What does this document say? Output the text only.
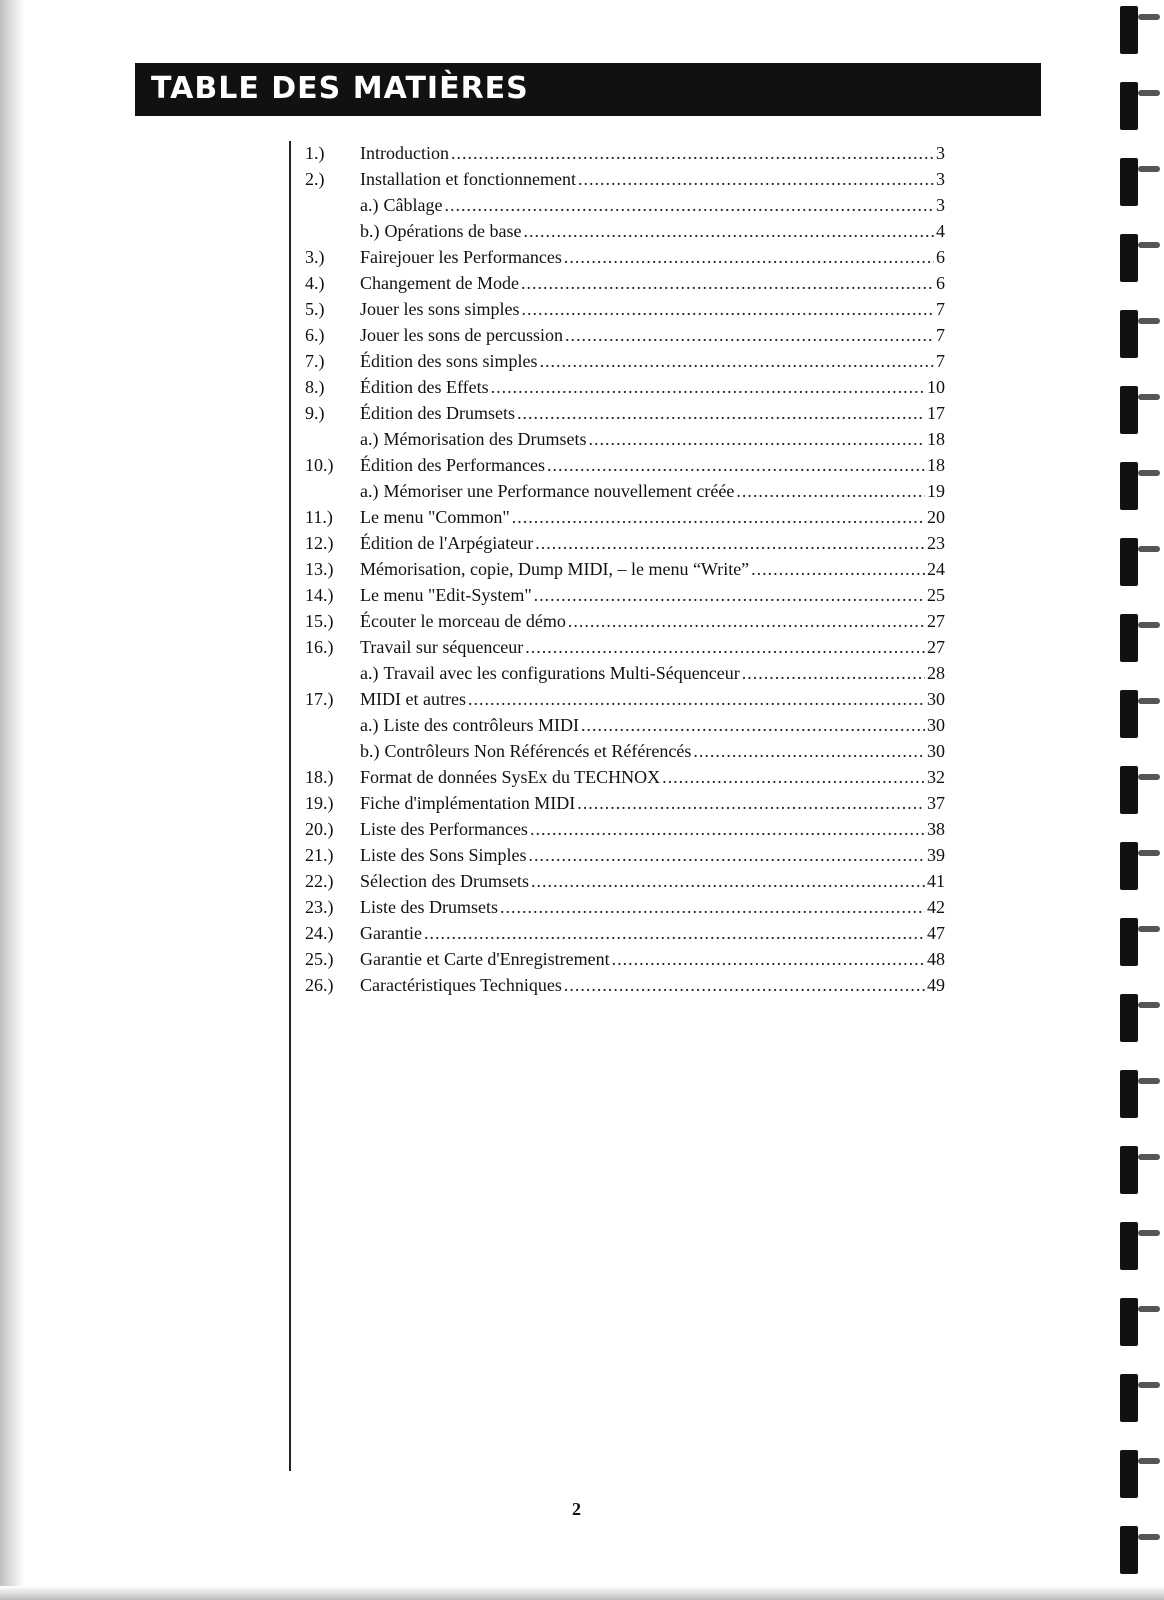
TABLE DES MATIÈRES
1.)	Introduction .....	3
2.)	Installation et fonctionnement .....	3
a.) Câblage .....	3
b.) Opérations de base .....	4
3.)	Fairejouer les Performances .....	6
4.)	Changement de Mode .....	6
5.)	Jouer les sons simples .....	7
6.)	Jouer les sons de percussion .....	7
7.)	Édition des sons simples .....	7
8.)	Édition des Effets .....	10
9.)	Édition des Drumsets .....	17
a.) Mémorisation des Drumsets .....	18
10.)	Édition des Performances .....	18
a.) Mémoriser une Performance nouvellement créée .....	19
11.)	Le menu "Common" .....	20
12.)	Édition de l'Arpégiateur .....	23
13.)	Mémorisation, copie, Dump MIDI, – le menu “Write” .....	24
14.)	Le menu "Edit-System" .....	25
15.)	Écouter le morceau de démo .....	27
16.)	Travail sur séquenceur .....	27
a.) Travail avec les configurations Multi-Séquenceur .....	28
17.)	MIDI et autres .....	30
a.) Liste des contrôleurs MIDI .....	30
b.) Contrôleurs Non Référencés et Référencés .....	30
18.)	Format de données SysEx du TECHNOX .....	32
19.)	Fiche d'implémentation MIDI .....	37
20.)	Liste des Performances .....	38
21.)	Liste des Sons Simples .....	39
22.)	Sélection des Drumsets .....	41
23.)	Liste des Drumsets .....	42
24.)	Garantie .....	47
25.)	Garantie et Carte d'Enregistrement .....	48
26.)	Caractéristiques Techniques .....	49
2
